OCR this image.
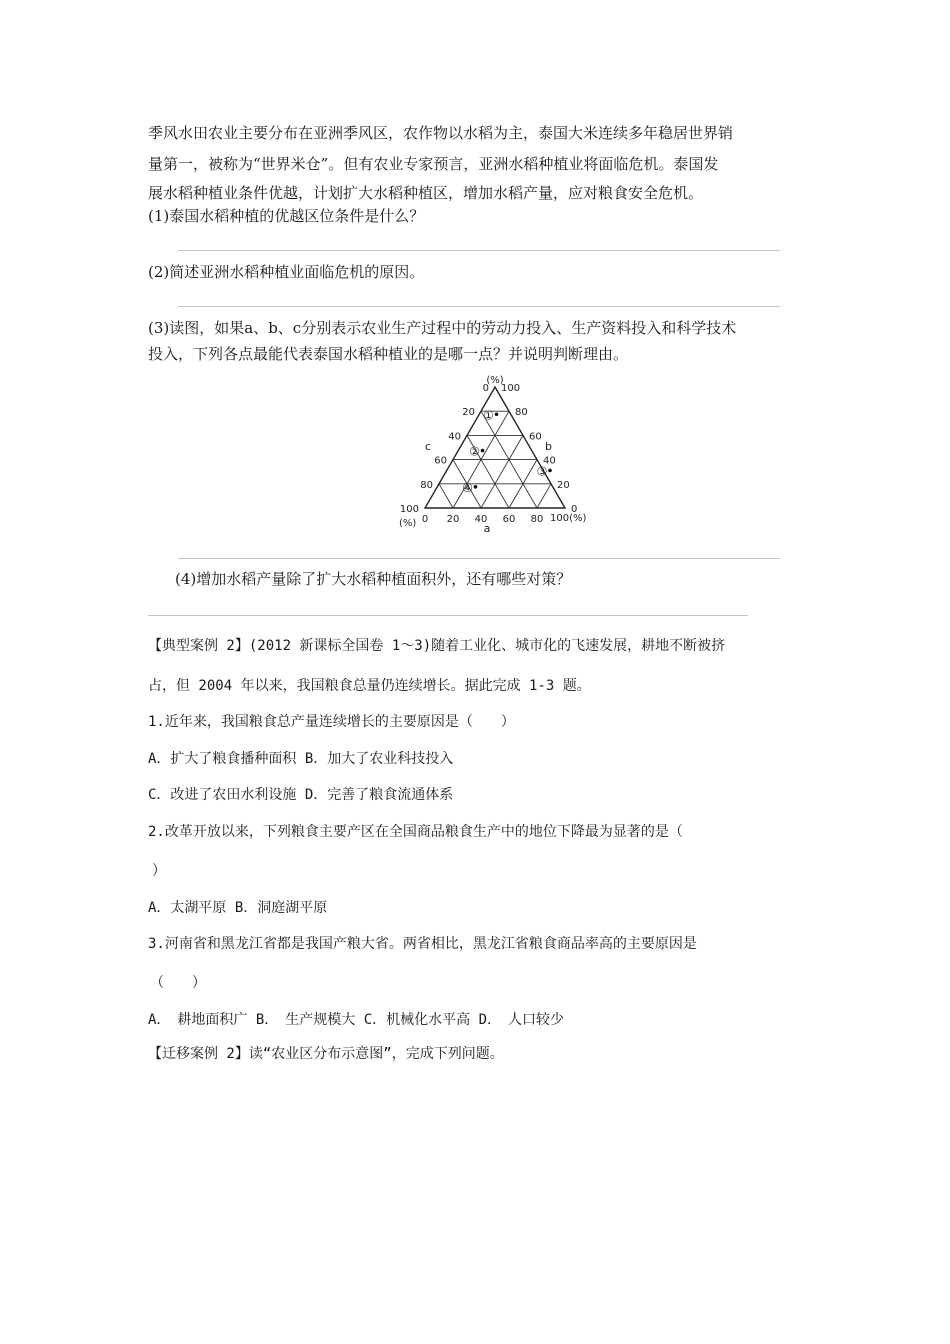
季风水田农业主要分布在亚洲季风区，农作物以水稻为主，泰国大米连续多年稳居世界销
量第一，被称为“世界米仓”。但有农业专家预言，亚洲水稻种植业将面临危机。泰国发
展水稻种植业条件优越，计划扩大水稻种植区，增加水稻产量，应对粮食安全危机。
(1)泰国水稻种植的优越区位条件是什么？
(2)简述亚洲水稻种植业面临危机的原因。
(3)读图，如果a、b、c分别表示农业生产过程中的劳动力投入、生产资料投入和科学技术
投入，下列各点最能代表泰国水稻种植业的是哪一点？并说明判断理由。
(%)
(%)	100(%)
a
b
c
0 20 40 60 80
100
80
60
40
20
0 100
80
60
40
20
0
①
②
③
④
(4)增加水稻产量除了扩大水稻种植面积外，还有哪些对策？
【典型案例 2】(2012 新课标全国卷 1～3)随着工业化、城市化的飞速发展，耕地不断被挤
占，但 2004 年以来，我国粮食总量仍连续增长。据此完成 1-3 题。
1.近年来，我国粮食总产量连续增长的主要原因是（　　）
A．扩大了粮食播种面积 B．加大了农业科技投入
C．改进了农田水利设施 D．完善了粮食流通体系
2.改革开放以来，下列粮食主要产区在全国商品粮食生产中的地位下降最为显著的是（
）
A．太湖平原 B．洞庭湖平原
3.河南省和黑龙江省都是我国产粮大省。两省相比，黑龙江省粮食商品率高的主要原因是
（　　）
A．　耕地面积广 B．　生产规模大 C．机械化水平高 D．　人口较少
【迁移案例 2】读“农业区分布示意图”，完成下列问题。
